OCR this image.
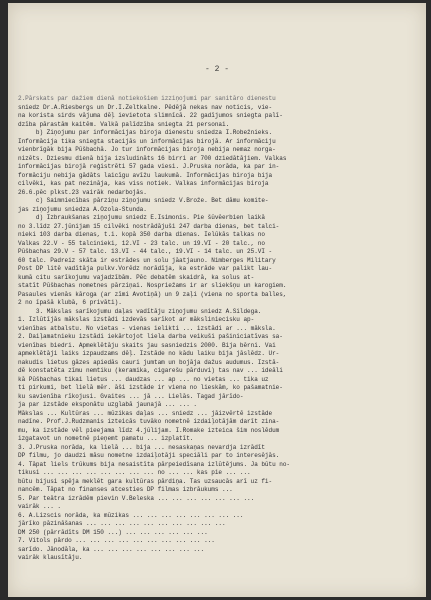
- 2 -
2.Pārskats par dažiem dienā notiekošiem izziņojumi par sanitāro dienestu
sniedz Dr.A.Riesbergs un Dr.I.Zeltkalne. Pēdējā nekas nav noticis, vie-
na korista sirds vājuma dēļ ievietota slimnīcā. 22 gadījumos sniegta palī-
dzība pārastām kaitēm. Valkā palīdzība sniegta 21 personai.
b) Ziņojumu par informācijas biroja dienestu sniedza I.Robežnieks.
Informācija tika sniegta stacijās un informācijas birojā. Ar informāciju
vienbrīgāk bija Pūšbachā. Jo tur informācijas biroja nebija nemaz norga-
nizēts. Dziesmu dienā bija izsludināts 16 birri ar 700 dziedātājiem. Valkas
informācijas birojā reģistrēti 57 gada viesi. J.Pruska norāda, ka par in-
formāciju nebija gādāts laicīgu avīžu laukumā. Informācijas biroja bija
cilvēki, kas pat nezināja, kas viss notiek. Valkas informācijas biroja
26.6.pēc plkst.23 vairāk nedarbojās.
c) Saimniecības pārziņu ziņojumu sniedz V.Brože. Bet dāmu komite-
jas ziņojumu sniedza A.Ozola-Stunda.
d) Izbraukšanas ziņojumu sniedz E.Isimonis. Pie šūvēerbien laikā
no 3.līdz 27.jūnijam 15 cilvēki nostrādājuši 247 darba dienas, bet talci-
nieki 103 darba dienas, t.i. kopā 350 darba dienas. Ielūkās talkas no
Valkas 22.V - 55 talcinieki, 12.VI - 23 talc. un 19.VI - 20 talc., no
Pūšbachas 29.V - 57 talc. 13.VI - 44 talc., 19.VI - 14 talc. un 25.VI -
60 talc. Padreiz skāta ir estrādes un solu jāatjauno. Nimberges Military
Post DP litē vadītāja pulkv.Vorēdz norādīja, ka estrāde var palikt lau-
kumā citu sarīkojumu vajadzībām. Pēc debatēm skaidrā, ka solus at-
statīt Pūšbachas nometnes pārziņai. Nospriežams ir ar sliekšņu un karogiem.
Pasaules vienās kāroga (ar zīmi Avotiņā) un 9 zaļi (viena no sporta balles,
2 no īpašā klubā, 6 privāti).
3. Mākslas sarīkojumu daļas vadītāju ziņojumu sniedz A.Sildega.
1. Izlūtījās mākslas izstādi izdevās sarīkot ar māksliniecisku ap-
vienības atbalstu. No vietas - vienas ielikti ... izstādi ar ... māksla.
2. Daiļamatnieku izstādi iekārtojot liela darba veikuši pašiniciatīvas sa-
vienības biedri. Apmeklētāju skaits jau sasniedzis 2000. Bija bērni. Vai
apmeklētāji laiks izpaudzams dēļ. Izstāde no kādu laiku bija jāslēdz. Ūr-
nakudis lietus gāzes apiedās cauri jumtam un bojāja dažus audumus. Izstā-
dē konstatēta zīmu nemtiku (keramika, cigarešu pārduvi) tas nav ... ideāli
kā Pūšbachas tikai lietus ... daudzas ... ap ... no vietas ... tika uz
ti pirkumi, bet lielā mēr. āši izstāde ir viena no lieskām, ko pašamatnie-
ku savienība rīkojusi. Gvaites ... jā ... Lielās. Tagad jārīdo-
ja par izstāde eksponātu uzglabā jaunajā ... ... .
Mākslas ... Kultūras ... mūzikas daļas ... sniedz ... jāizvērtē izstāde
nadīne. Prof.J.Rudzmanis izteicās tuvāko nometnē izdaiļotājām darīt zina-
mu, ka izstāde vēl pieejama līdz 4.jūlijam. I.Romake izteica šim noslēdum
izgatavot un nometnē pieņemt pamatu ... izplatīt.
3. J.Pruska norāda, ka lielā ... bija ... nesaskaņas nevardja izrādīt
DP filmu, jo daudzi māsu nometne izdaiļotāji speciāli par to interesējās.
4. Tāpat liels trūkums bija nesaistīta pārpeiedīsana izlūtējums. Ja būtu no-
tikusi ... ... ... ... ... ... ... ... no ... ... kas pie ... ...
būtu bijusi spēja meklēt gara kultūras pārdiņa. Tas uzsaucās arī uz fi-
nancēm. Tāpat no finanses atcesties DP filmas izbrāukums ...
5. Par teātra izrādēm pievin V.Beleska ... ... ... ... ... ... ...
vairāk ... .
6. A.Lizscis norāda, ka mūzikas ... ... ... ... ... ... ... ...
jārīko pāzināšanas ... ... ... ... ... ... ... ... ... ...
DM 250 (pārrādīts DM 150 ...) ... ... ... ... ... ...
7. Vitols pārdo ... ... ... ... ... ... ... ... ... ...
sarīdo. Jānodāla, ka ... ... ... ... ... ... ... ...
vairāk klausītāju.
